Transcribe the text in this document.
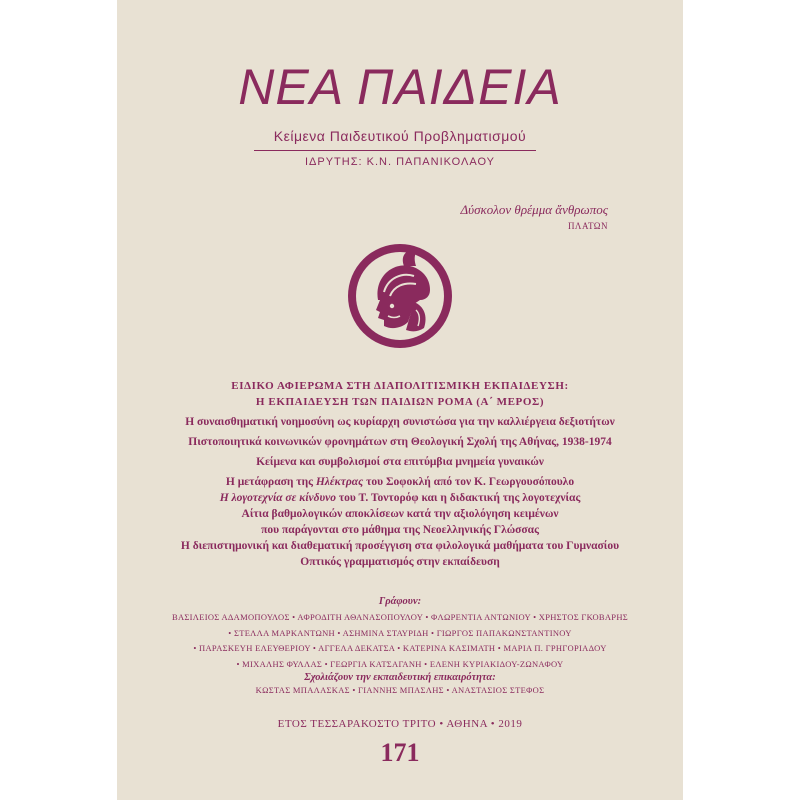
ΝΕΑ ΠΑΙΔΕΙΑ
Κείμενα Παιδευτικού Προβληματισμού
ΙΔΡΥΤΗΣ: Κ.Ν. ΠΑΠΑΝΙΚΟΛΑΟΥ
Δύσκολον θρέμμα ἄνθρωπος
ΠΛΑΤΩΝ
ΕΙΔΙΚΟ ΑΦΙΕΡΩΜΑ ΣΤΗ ΔΙΑΠΟΛΙΤΙΣΜΙΚΗ ΕΚΠΑΙΔΕΥΣΗ:
Η ΕΚΠΑΙΔΕΥΣΗ ΤΩΝ ΠΑΙΔΙΩΝ ΡΟΜΑ (Α΄ ΜΕΡΟΣ)
Η συναισθηματική νοημοσύνη ως κυρίαρχη συνιστώσα για την καλλιέργεια δεξιοτήτων
Πιστοποιητικά κοινωνικών φρονημάτων στη Θεολογική Σχολή της Αθήνας, 1938-1974
Κείμενα και συμβολισμοί στα επιτύμβια μνημεία γυναικών
Η μετάφραση της Ηλέκτρας του Σοφοκλή από τον Κ. Γεωργουσόπουλο
Η λογοτεχνία σε κίνδυνο του Τ. Τοντορόφ και η διδακτική της λογοτεχνίας
Αίτια βαθμολογικών αποκλίσεων κατά την αξιολόγηση κειμένων
που παράγονται στο μάθημα της Νεοελληνικής Γλώσσας
Η διεπιστημονική και διαθεματική προσέγγιση στα φιλολογικά μαθήματα του Γυμνασίου
Οπτικός γραμματισμός στην εκπαίδευση
Γράφουν:
ΒΑΣΙΛΕΙΟΣ ΑΔΑΜΟΠΟΥΛΟΣ • ΑΦΡΟΔΙΤΗ ΑΘΑΝΑΣΟΠΟΥΛΟΥ • ΦΛΩΡΕΝΤΙΑ ΑΝΤΩΝΙΟΥ • ΧΡΗΣΤΟΣ ΓΚΟΒΑΡΗΣ
• ΣΤΕΛΛΑ ΜΑΡΚΑΝΤΩΝΗ • ΑΣΗΜΙΝΑ ΣΤΑΥΡΙΔΗ • ΓΙΩΡΓΟΣ ΠΑΠΑΚΩΝΣΤΑΝΤΙΝΟΥ
• ΠΑΡΑΣΚΕΥΗ ΕΛΕΥΘΕΡΙΟΥ • ΑΓΓΕΛΑ ΔΕΚΑΤΣΑ • ΚΑΤΕΡΙΝΑ ΚΑΣΙΜΑΤΗ • ΜΑΡΙΑ Π. ΓΡΗΓΟΡΙΑΔΟΥ
• ΜΙΧΑΛΗΣ ΦΥΛΛΑΣ • ΓΕΩΡΓΙΑ ΚΑΤΣΑΓΑΝΗ • ΕΛΕΝΗ ΚΥΡΙΑΚΙΔΟΥ-ΖΩΝΑΦΟΥ
Σχολιάζουν την εκπαιδευτική επικαιρότητα:
ΚΩΣΤΑΣ ΜΠΑΛΑΣΚΑΣ • ΓΙΑΝΝΗΣ ΜΠΑΣΛΗΣ • ΑΝΑΣΤΑΣΙΟΣ ΣΤΕΦΟΣ
ΕΤΟΣ ΤΕΣΣΑΡΑΚΟΣΤΟ ΤΡΙΤΟ • ΑΘΗΝΑ • 2019
171
